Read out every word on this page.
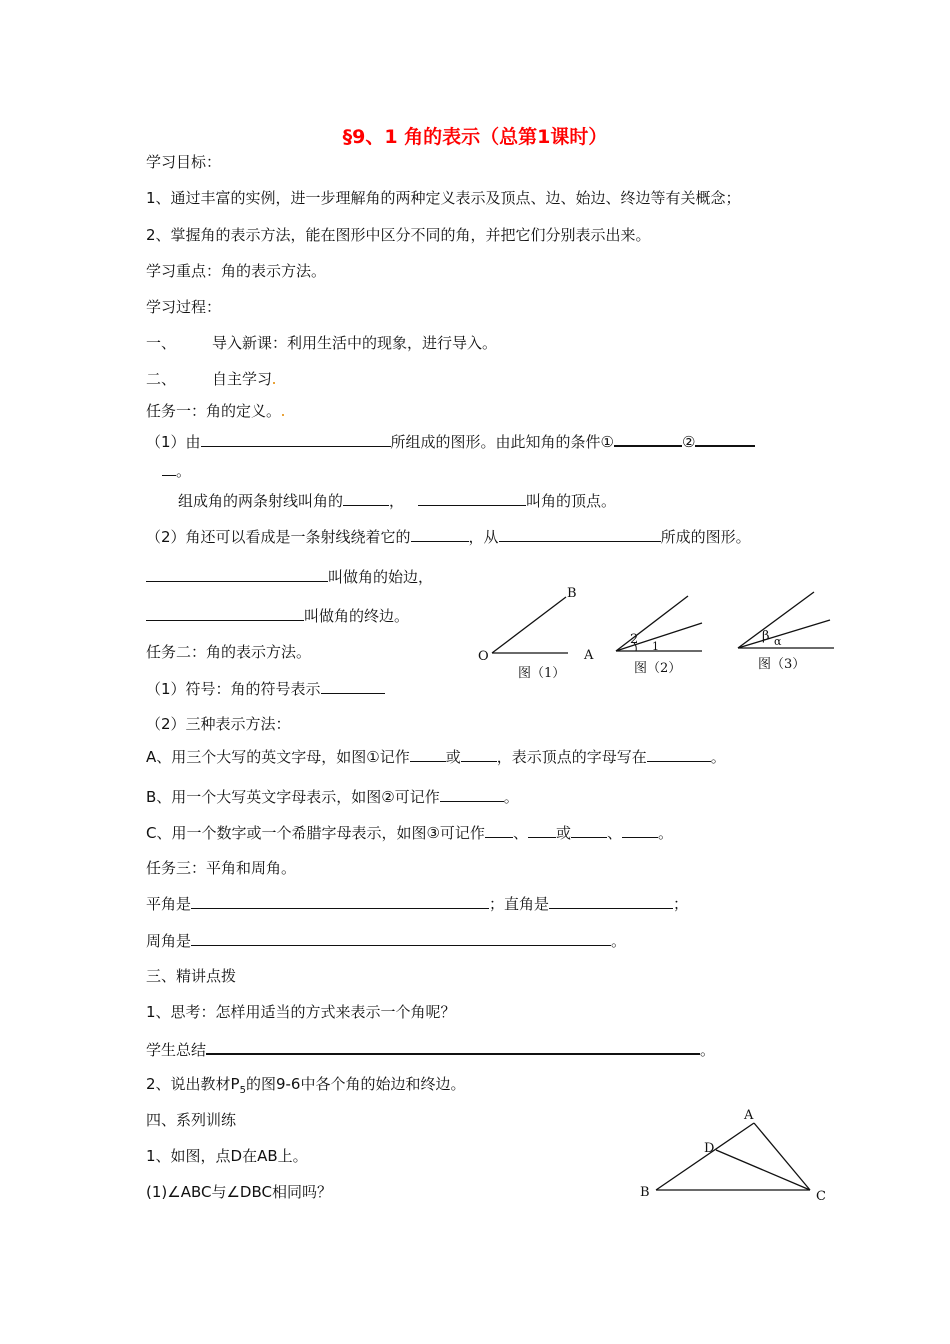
§9、1 角的表示（总第1课时）
学习目标：
1、通过丰富的实例，进一步理解角的两种定义表示及顶点、边、始边、终边等有关概念；
2、掌握角的表示方法，能在图形中区分不同的角，并把它们分别表示出来。
学习重点：角的表示方法。
学习过程：
一、 导入新课：利用生活中的现象，进行导入。
二、 自主学习
任务一：角的定义。
（1）由	所组成的图形。由此知角的条件①	②
。
组成角的两条射线叫角的	，	叫角的顶点。
（2）角还可以看成是一条射线绕着它的	，从	所成的图形。
叫做角的始边，
叫做角的终边。
任务二：角的表示方法。
（1）符号：角的符号表示
（2）三种表示方法：
A、用三个大写的英文字母，如图①记作 或 ，表示顶点的字母写在	。
B、用一个大写英文字母表示，如图②可记作	。
C、用一个数字或一个希腊字母表示，如图③可记作 、 或 、 。
任务三：平角和周角。
平角是	；直角是	；
周角是	。
三、精讲点拨
1、思考：怎样用适当的方式来表示一个角呢？
学生总结	。
2、说出教材$P_5$的图9-6中各个角的始边和终边。
四、系列训练
1、如图，点D在AB上。
(1)∠ABC与∠DBC相同吗？
B
O	A
图（1）
2 1
图（2）
β α
图（3）
A
D
B	C
